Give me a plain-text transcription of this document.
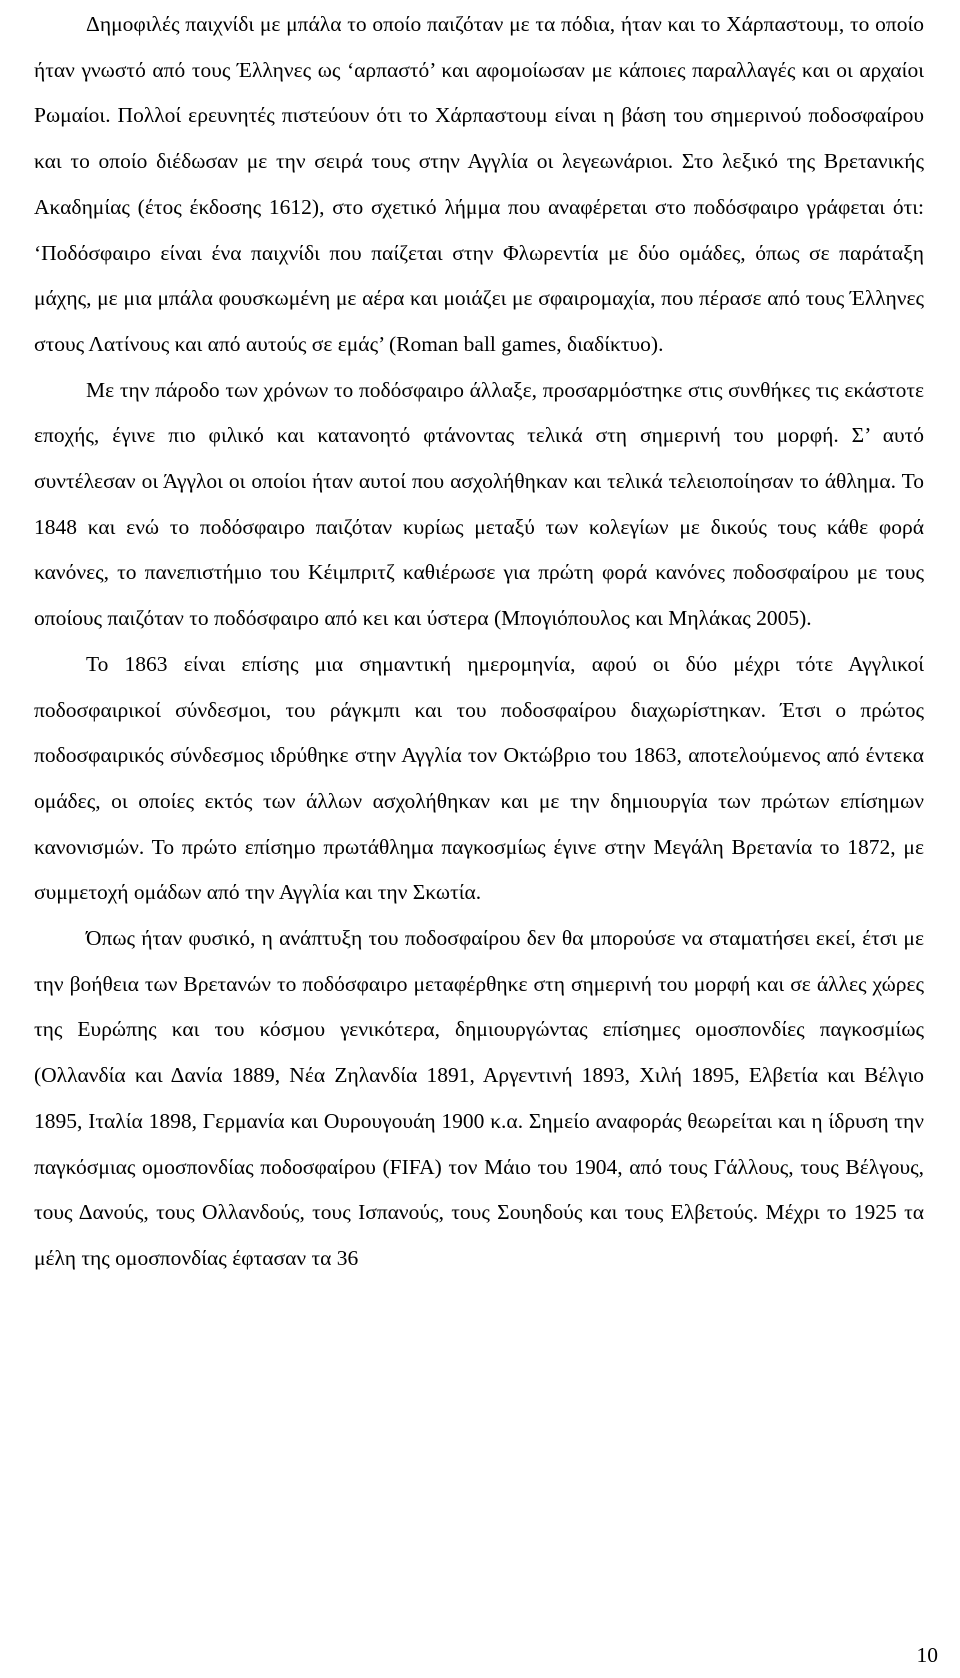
Δημοφιλές παιχνίδι με μπάλα το οποίο παιζόταν με τα πόδια, ήταν και το Χάρπαστουμ, το οποίο ήταν γνωστό από τους Έλληνες ως ‘αρπαστό’ και αφομοίωσαν με κάποιες παραλλαγές και οι αρχαίοι Ρωμαίοι. Πολλοί ερευνητές πιστεύουν ότι το Χάρπαστουμ είναι η βάση του σημερινού ποδοσφαίρου και το οποίο διέδωσαν με την σειρά τους στην Αγγλία οι λεγεωνάριοι. Στο λεξικό της Βρετανικής Ακαδημίας (έτος έκδοσης 1612), στο σχετικό λήμμα που αναφέρεται στο ποδόσφαιρο γράφεται ότι: ‘Ποδόσφαιρο είναι ένα παιχνίδι που παίζεται στην Φλωρεντία με δύο ομάδες, όπως σε παράταξη μάχης, με μια μπάλα φουσκωμένη με αέρα και μοιάζει με σφαιρομαχία, που πέρασε από τους Έλληνες στους Λατίνους και από αυτούς σε εμάς’ (Roman ball games, διαδίκτυο).

Με την πάροδο των χρόνων το ποδόσφαιρο άλλαξε, προσαρμόστηκε στις συνθήκες τις εκάστοτε εποχής, έγινε πιο φιλικό και κατανοητό φτάνοντας τελικά στη σημερινή του μορφή. Σ’ αυτό συντέλεσαν οι Άγγλοι οι οποίοι ήταν αυτοί που ασχολήθηκαν και τελικά τελειοποίησαν το άθλημα. Το 1848 και ενώ το ποδόσφαιρο παιζόταν κυρίως μεταξύ των κολεγίων με δικούς τους κάθε φορά κανόνες, το πανεπιστήμιο του Κέιμπριτζ καθιέρωσε για πρώτη φορά κανόνες ποδοσφαίρου με τους οποίους παιζόταν το ποδόσφαιρο από κει και ύστερα (Μπογιόπουλος και Μηλάκας 2005).

Το 1863 είναι επίσης μια σημαντική ημερομηνία, αφού οι δύο μέχρι τότε Αγγλικοί ποδοσφαιρικοί σύνδεσμοι, του ράγκμπι και του ποδοσφαίρου διαχωρίστηκαν. Έτσι ο πρώτος ποδοσφαιρικός σύνδεσμος ιδρύθηκε στην Αγγλία τον Οκτώβριο του 1863, αποτελούμενος από έντεκα ομάδες, οι οποίες εκτός των άλλων ασχολήθηκαν και με την δημιουργία των πρώτων επίσημων κανονισμών. Το πρώτο επίσημο πρωτάθλημα παγκοσμίως έγινε στην Μεγάλη Βρετανία το 1872, με συμμετοχή ομάδων από την Αγγλία και την Σκωτία.

Όπως ήταν φυσικό, η ανάπτυξη του ποδοσφαίρου δεν θα μπορούσε να σταματήσει εκεί, έτσι με την βοήθεια των Βρετανών το ποδόσφαιρο μεταφέρθηκε στη σημερινή του μορφή και σε άλλες χώρες της Ευρώπης και του κόσμου γενικότερα, δημιουργώντας επίσημες ομοσπονδίες παγκοσμίως (Ολλανδία και Δανία 1889, Νέα Ζηλανδία 1891, Αργεντινή 1893, Χιλή 1895, Ελβετία και Βέλγιο 1895, Ιταλία 1898, Γερμανία και Ουρουγουάη 1900 κ.α. Σημείο αναφοράς θεωρείται και η ίδρυση την παγκόσμιας ομοσπονδίας ποδοσφαίρου (FIFA) τον Μάιο του 1904, από τους Γάλλους, τους Βέλγους, τους Δανούς, τους Ολλανδούς, τους Ισπανούς, τους Σουηδούς και τους Ελβετούς. Μέχρι το 1925 τα μέλη της ομοσπονδίας έφτασαν τα 36

10
